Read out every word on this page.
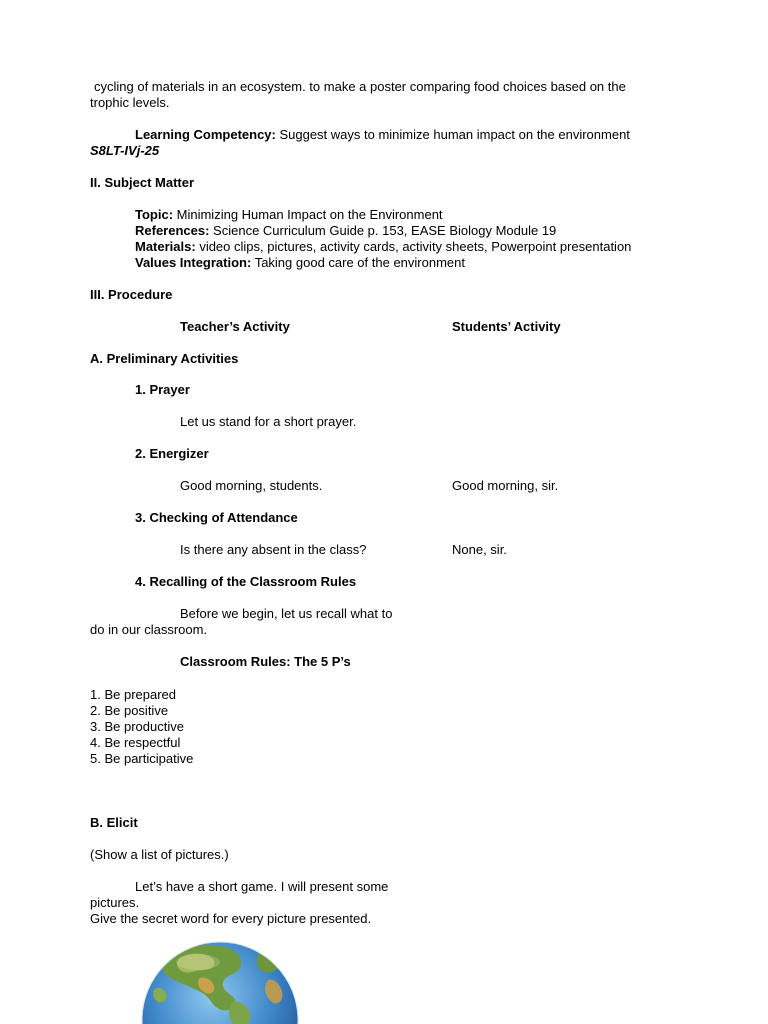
cycling of materials in an ecosystem. to make a poster comparing food choices based on the
trophic levels.
Learning Competency: Suggest ways to minimize human impact on the environment
S8LT-IVj-25
II. Subject Matter
Topic: Minimizing Human Impact on the Environment
References: Science Curriculum Guide p. 153, EASE Biology Module 19
Materials: video clips, pictures, activity cards, activity sheets, Powerpoint presentation
Values Integration: Taking good care of the environment
III. Procedure
Teacher’s Activity	Students’ Activity
A. Preliminary Activities
1. Prayer
Let us stand for a short prayer.
2. Energizer
Good morning, students.	Good morning, sir.
3. Checking of Attendance
Is there any absent in the class?	None, sir.
4. Recalling of the Classroom Rules
Before we begin, let us recall what to
do in our classroom.
Classroom Rules: The 5 P’s
1. Be prepared
2. Be positive
3. Be productive
4. Be respectful
5. Be participative
B. Elicit
(Show a list of pictures.)
Let’s have a short game. I will present some
pictures.
Give the secret word for every picture presented.
